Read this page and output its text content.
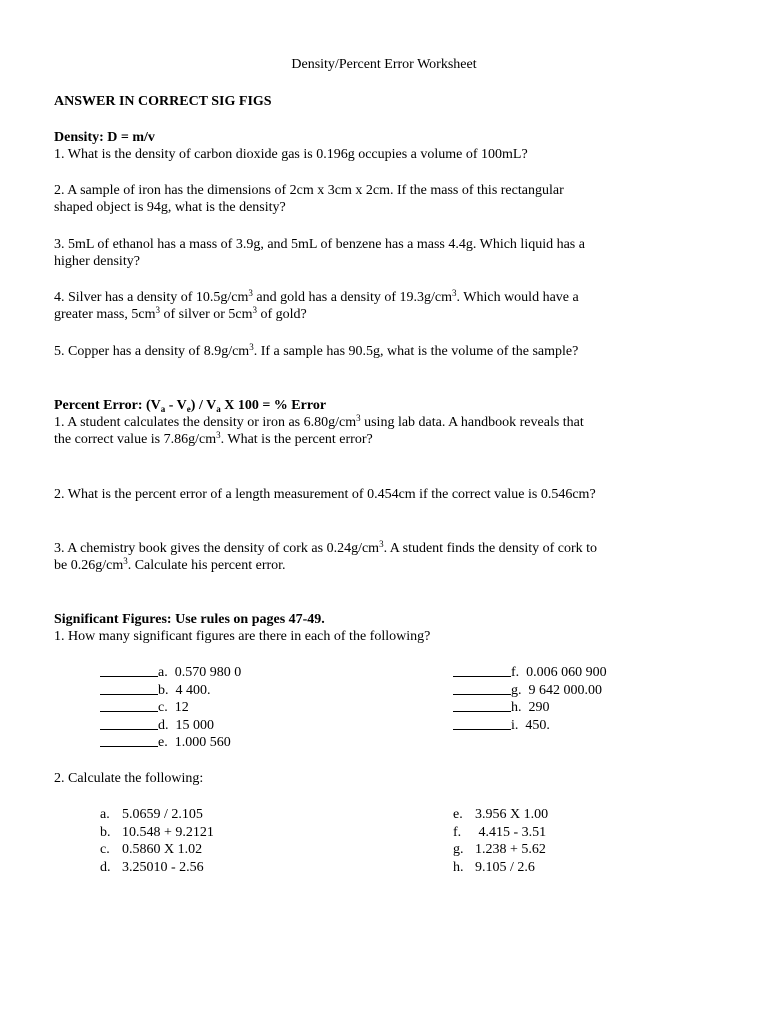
Density/Percent Error Worksheet
ANSWER IN CORRECT SIG FIGS
Density: D = m/v
1. What is the density of carbon dioxide gas is 0.196g occupies a volume of 100mL?
2. A sample of iron has the dimensions of 2cm x 3cm x 2cm. If the mass of this rectangular
shaped object is 94g, what is the density?
3. 5mL of ethanol has a mass of 3.9g, and 5mL of benzene has a mass 4.4g. Which liquid has a
higher density?
4. Silver has a density of $10.5g/cm^3$ and gold has a density of $19.3g/cm^3$. Which would have a
greater mass, $5cm^3$ of silver or $5cm^3$ of gold?
5. Copper has a density of $8.9g/cm^3$. If a sample has 90.5g, what is the volume of the sample?
Percent Error: $(V_a - V_e) / V_a$ X 100 = % Error
1. A student calculates the density or iron as $6.80g/cm^3$ using lab data. A handbook reveals that
the correct value is $7.86g/cm^3$. What is the percent error?
2. What is the percent error of a length measurement of 0.454cm if the correct value is 0.546cm?
3. A chemistry book gives the density of cork as $0.24g/cm^3$. A student finds the density of cork to
be $0.26g/cm^3$. Calculate his percent error.
Significant Figures: Use rules on pages 47-49.
1. How many significant figures are there in each of the following?
a. 0.570 980 0
b. 4 400.
c. 12
d. 15 000
e. 1.000 560
f. 0.006 060 900
g. 9 642 000.00
h. 290
i. 450.
2. Calculate the following:
a. 5.0659 / 2.105
b. 10.548 + 9.2121
c. 0.5860 X 1.02
d. 3.25010 - 2.56
e. 3.956 X 1.00
f. 4.415 - 3.51
g. 1.238 + 5.62
h. 9.105 / 2.6
